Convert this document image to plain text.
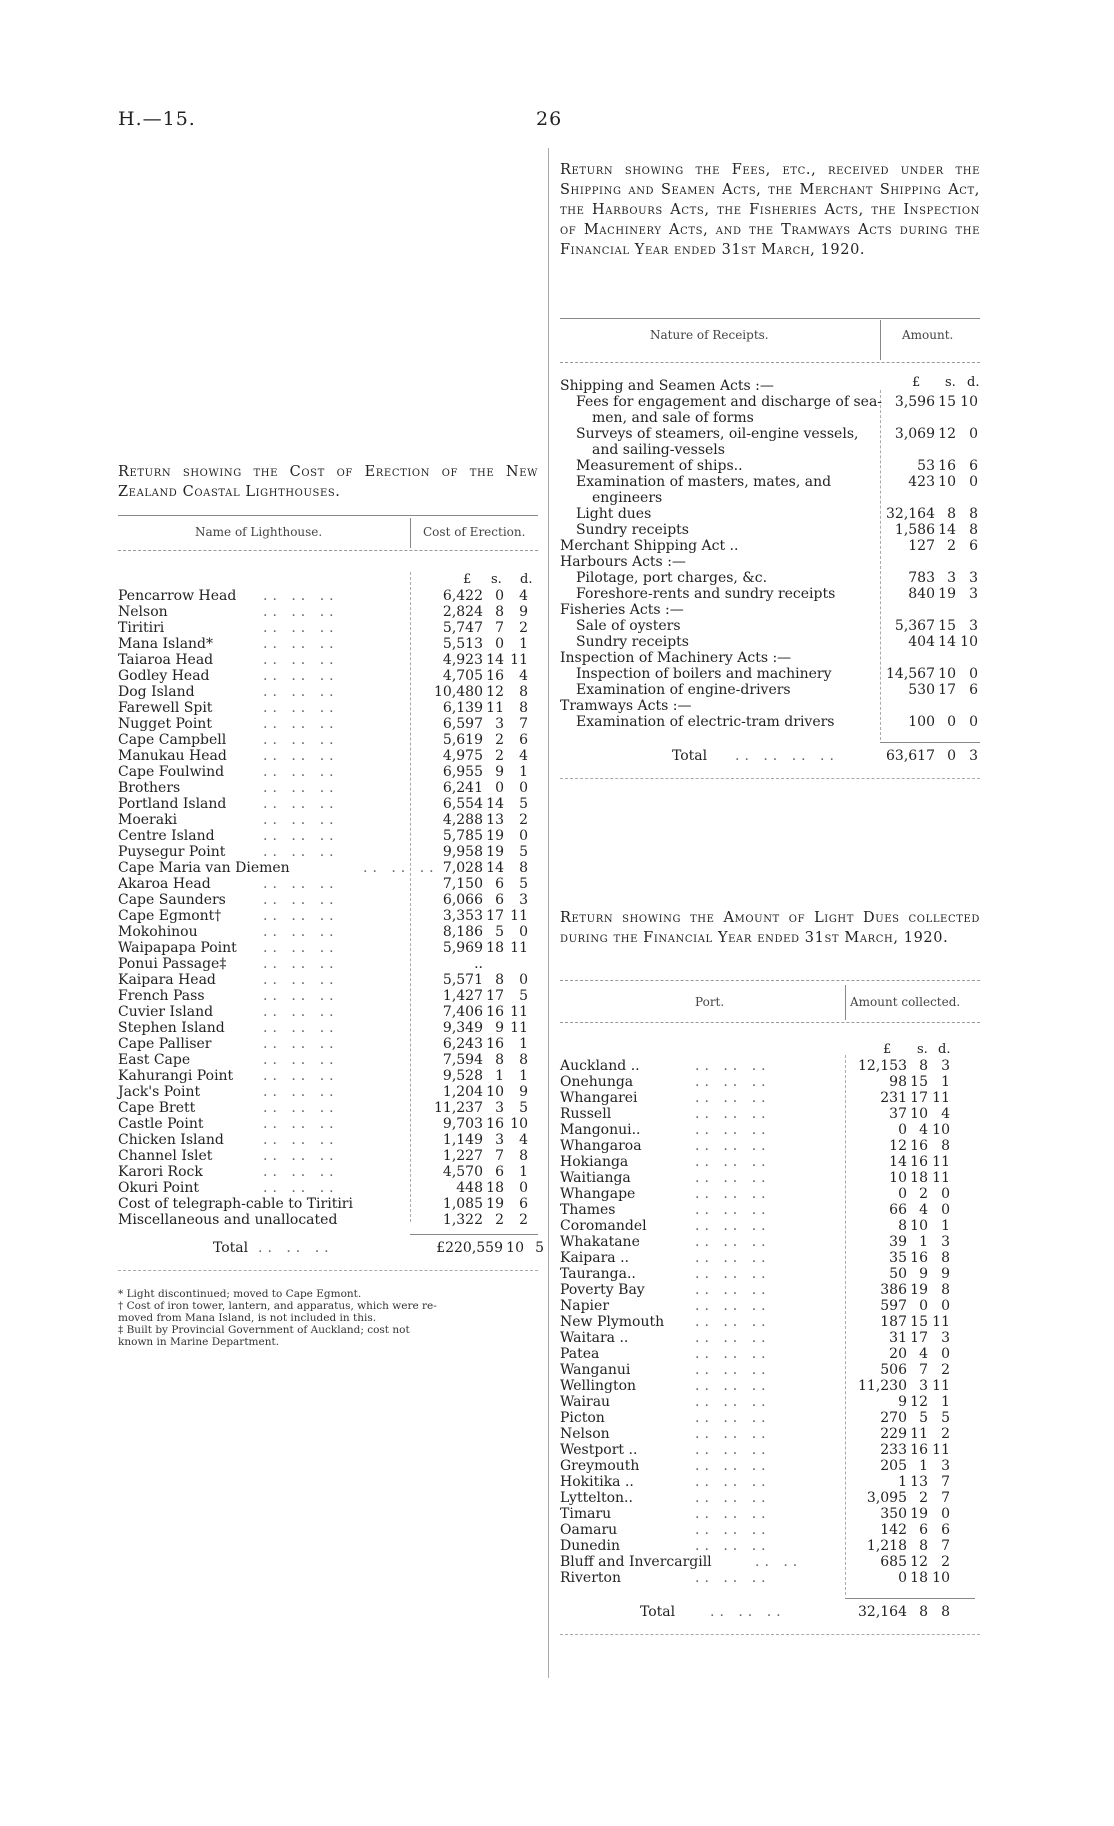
H.—15.	26
Return showing the Cost of Erection of the New Zealand Coastal Lighthouses.
Name of Lighthouse.	Cost of Erection.
£ s. d.
Pencarrow Head .. .. ..	6,422 0	4
Nelson	.. .. ..	2,824 8	9
Tiritiri	.. .. ..	5,747 7	2
Mana Island*	.. .. ..	5,513 0	1
Taiaroa Head	.. .. ..	4,923 14 11
Godley Head	.. .. ..	4,705 16	4
Dog Island	.. .. ..	10,480 12	8
Farewell Spit	.. .. ..	6,139 11	8
Nugget Point	.. .. ..	6,597 3	7
Cape Campbell	.. .. ..	5,619 2	6
Manukau Head	.. .. ..	4,975 2	4
Cape Foulwind	.. .. ..	6,955 9	1
Brothers	.. .. ..	6,241 0	0
Portland Island	.. .. ..	6,554 14	5
Moeraki	.. .. ..	4,288 13	2
Centre Island	.. .. ..	5,785 19	0
Puysegur Point	.. .. ..	9,958 19	5
Cape Maria van Diemen	.. .. .. 7,028 14	8
Akaroa Head	.. .. ..	7,150 6	5
Cape Saunders	.. .. ..	6,066 6	3
Cape Egmont†	.. .. ..	3,353 17 11
Mokohinou	.. .. ..	8,186 5	0
Waipapapa Point .. .. ..	5,969 18 11
Ponui Passage‡	.. .. ..	..
Kaipara Head	.. .. ..	5,571 8	0
French Pass	.. .. ..	1,427 17	5
Cuvier Island	.. .. ..	7,406 16 11
Stephen Island	.. .. ..	9,349 9 11
Cape Palliser	.. .. ..	6,243 16	1
East Cape	.. .. ..	7,594 8	8
Kahurangi Point .. .. ..	9,528 1	1
Jack's Point	.. .. ..	1,204 10	9
Cape Brett	.. .. ..	11,237 3	5
Castle Point	.. .. ..	9,703 16 10
Chicken Island	.. .. ..	1,149 3	4
Channel Islet	.. .. ..	1,227 7	8
Karori Rock	.. .. ..	4,570 6	1
Okuri Point	.. .. ..	448 18	0
Cost of telegraph-cable to Tiritiri	1,085 19	6
Miscellaneous and unallocated	1,322 2	2
Total .. .. ..	£220,559 10 5
* Light discontinued; moved to Cape Egmont.
† Cost of iron tower, lantern, and apparatus, which were re-
moved from Mana Island, is not included in this.
‡ Built by Provincial Government of Auckland; cost not
known in Marine Department.
Return showing the Fees, etc., received under the Shipping and Seamen Acts, the Merchant Shipping Act, the Harbours Acts, the Fisheries Acts, the Inspection of Machinery Acts, and the Tramways Acts during the Financial Year ended 31st March, 1920.
Nature of Receipts.	Amount.
£ s. d.
Shipping and Seamen Acts :—
Fees for engagement and discharge of sea- 3,596 15 10
men, and sale of forms
Surveys of steamers, oil-engine vessels,	3,069 12 0
and sailing-vessels
Measurement of ships..	53 16 6
Examination of masters, mates, and	423 10 0
engineers
Light dues	32,164 8 8
Sundry receipts	1,586 14 8
Merchant Shipping Act ..	127 2 6
Harbours Acts :—
Pilotage, port charges, &c.	783 3 3
Foreshore-rents and sundry receipts	840 19 3
Fisheries Acts :—
Sale of oysters	5,367 15 3
Sundry receipts	404 14 10
Inspection of Machinery Acts :—
Inspection of boilers and machinery	14,567 10 0
Examination of engine-drivers	530 17 6
Tramways Acts :—
Examination of electric-tram drivers	100 0 0
Total .. .. .. ..	63,617 0 3
Return showing the Amount of Light Dues collected during the Financial Year ended 31st March, 1920.
Port.	Amount collected.
£ s. d.
Auckland ..	.. .. ..	12,153 8 3
Onehunga	.. .. ..	98 15 1
Whangarei	.. .. ..	231 17 11
Russell	.. .. ..	37 10 4
Mangonui..	.. .. ..	0 4 10
Whangaroa	.. .. ..	12 16 8
Hokianga	.. .. ..	14 16 11
Waitianga	.. .. ..	10 18 11
Whangape	.. .. ..	0 2 0
Thames	.. .. ..	66 4 0
Coromandel	.. .. ..	8 10 1
Whakatane	.. .. ..	39 1 3
Kaipara ..	.. .. ..	35 16 8
Tauranga..	.. .. ..	50 9 9
Poverty Bay	.. .. ..	386 19 8
Napier	.. .. ..	597 0 0
New Plymouth .. .. ..	187 15 11
Waitara ..	.. .. ..	31 17 3
Patea	.. .. ..	20 4 0
Wanganui	.. .. ..	506 7 2
Wellington	.. .. ..	11,230 3 11
Wairau	.. .. ..	9 12 1
Picton	.. .. ..	270 5 5
Nelson	.. .. ..	229 11 2
Westport ..	.. .. ..	233 16 11
Greymouth	.. .. ..	205 1 3
Hokitika ..	.. .. ..	1 13 7
Lyttelton..	.. .. ..	3,095 2 7
Timaru	.. .. ..	350 19 0
Oamaru	.. .. ..	142 6 6
Dunedin	.. .. ..	1,218 8 7
Bluff and Invercargill	.. ..	685 12 2
Riverton	.. .. ..	0 18 10
Total .. .. ..	32,164 8 8
